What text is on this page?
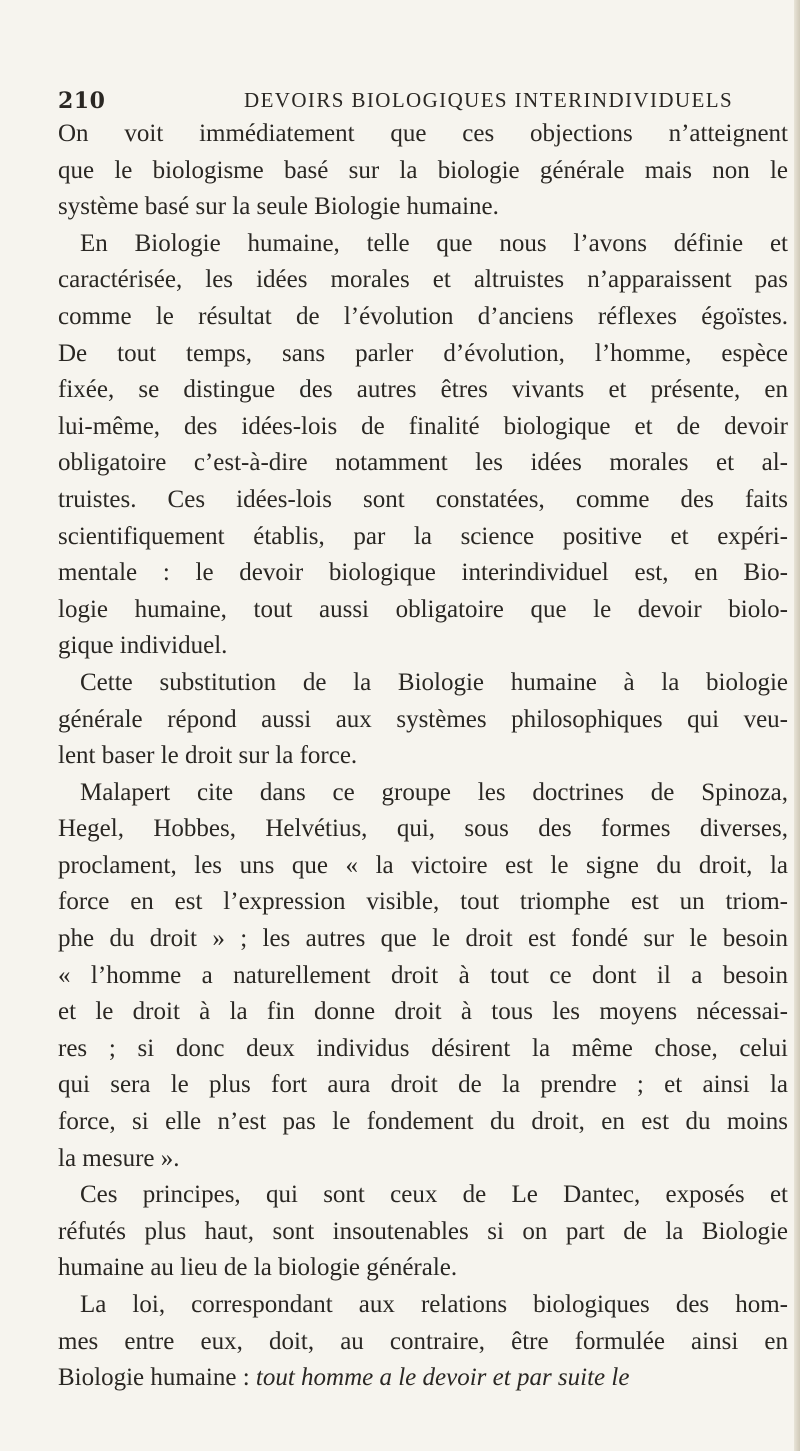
210	DEVOIRS BIOLOGIQUES INTERINDIVIDUELS
On voit immédiatement que ces objections n’atteignent
que le biologisme basé sur la biologie générale mais non le
système basé sur la seule Biologie humaine.
En Biologie humaine, telle que nous l’avons définie et
caractérisée, les idées morales et altruistes n’apparaissent pas
comme le résultat de l’évolution d’anciens réflexes égoïstes.
De tout temps, sans parler d’évolution, l’homme, espèce
fixée, se distingue des autres êtres vivants et présente, en
lui-même, des idées-lois de finalité biologique et de devoir
obligatoire c’est-à-dire notamment les idées morales et al-
truistes. Ces idées-lois sont constatées, comme des faits
scientifiquement établis, par la science positive et expéri-
mentale : le devoir biologique interindividuel est, en Bio-
logie humaine, tout aussi obligatoire que le devoir biolo-
gique individuel.
Cette substitution de la Biologie humaine à la biologie
générale répond aussi aux systèmes philosophiques qui veu-
lent baser le droit sur la force.
Malapert cite dans ce groupe les doctrines de Spinoza,
Hegel, Hobbes, Helvétius, qui, sous des formes diverses,
proclament, les uns que « la victoire est le signe du droit, la
force en est l’expression visible, tout triomphe est un triom-
phe du droit » ; les autres que le droit est fondé sur le besoin
« l’homme a naturellement droit à tout ce dont il a besoin
et le droit à la fin donne droit à tous les moyens nécessai-
res ; si donc deux individus désirent la même chose, celui
qui sera le plus fort aura droit de la prendre ; et ainsi la
force, si elle n’est pas le fondement du droit, en est du moins
la mesure ».
Ces principes, qui sont ceux de Le Dantec, exposés et
réfutés plus haut, sont insoutenables si on part de la Biologie
humaine au lieu de la biologie générale.
La loi, correspondant aux relations biologiques des hom-
mes entre eux, doit, au contraire, être formulée ainsi en
Biologie humaine : tout homme a le devoir et par suite le
